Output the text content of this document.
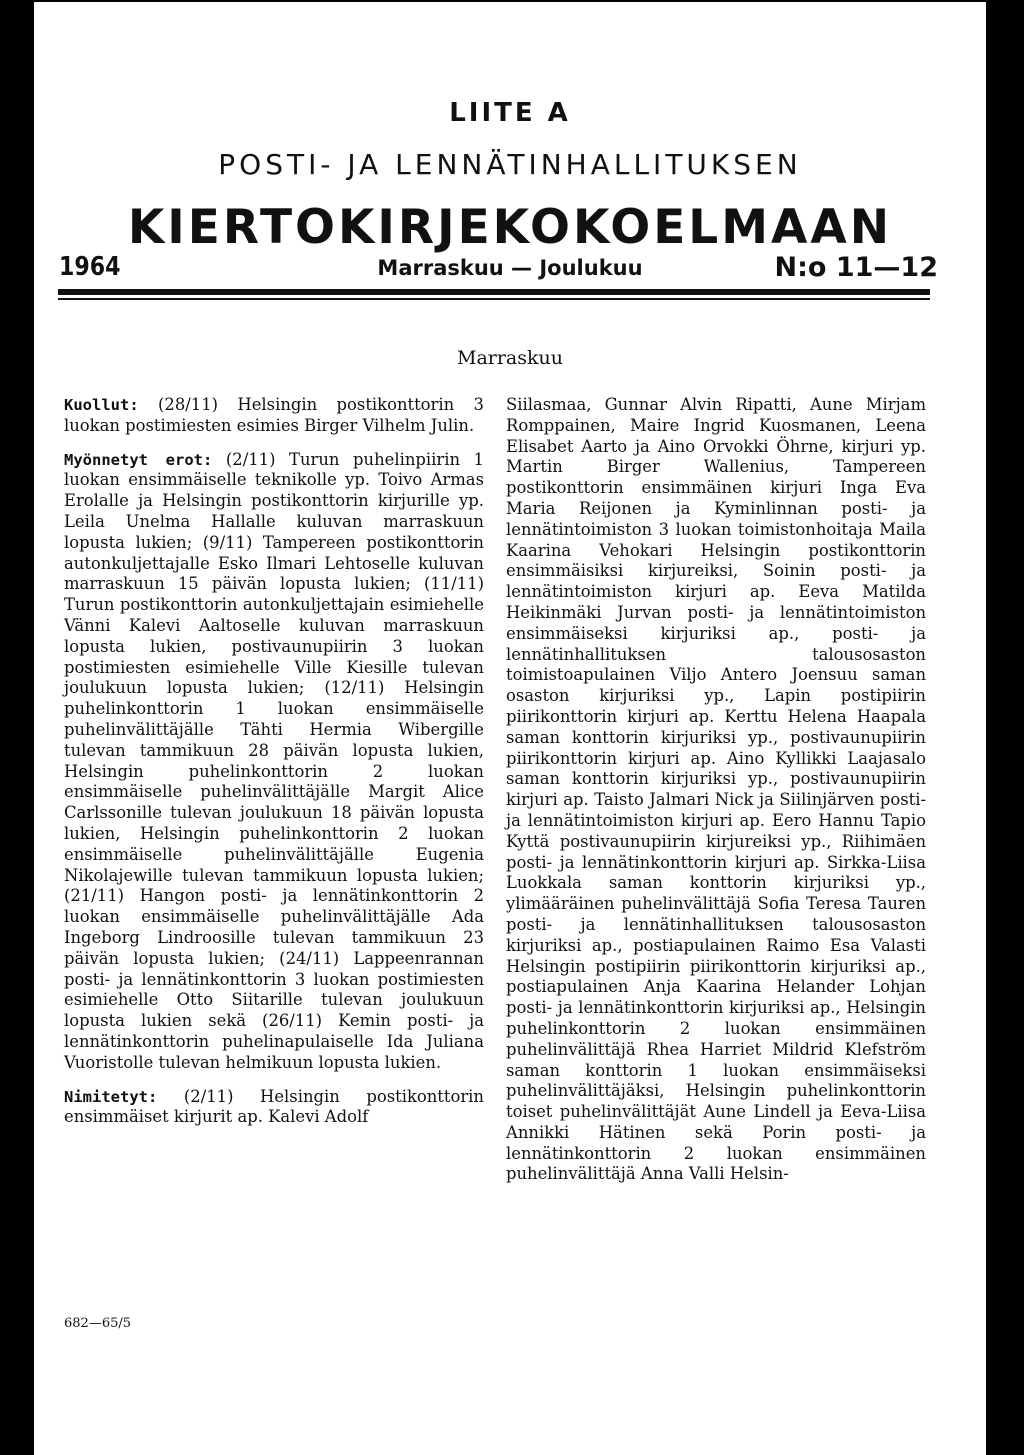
LIITE A
POSTI- JA LENNÄTINHALLITUKSEN
KIERTOKIRJEKOKOELMAAN
1964	Marraskuu — Joulukuu	N:o 11—12
Marraskuu

Kuollut: (28/11) Helsingin postikonttorin 3 luokan postimiesten esimies Birger Vilhelm Julin.

Myönnetyt erot: (2/11) Turun puhelinpiirin 1 luokan ensimmäiselle teknikolle yp. Toivo Armas Erolalle ja Helsingin postikonttorin kirjurille yp. Leila Unelma Hallalle kuluvan marraskuun lopusta lukien; (9/11) Tampereen postikonttorin autonkuljettajalle Esko Ilmari Lehtoselle kuluvan marraskuun 15 päivän lopusta lukien; (11/11) Turun postikonttorin autonkuljettajain esimiehelle Vänni Kalevi Aaltoselle kuluvan marraskuun lopusta lukien, postivaunupiirin 3 luokan postimiesten esimiehelle Ville Kiesille tulevan joulukuun lopusta lukien; (12/11) Helsingin puhelinkonttorin 1 luokan ensimmäiselle puhelinvälittäjälle Tähti Hermia Wibergille tulevan tammikuun 28 päivän lopusta lukien, Helsingin puhelinkonttorin 2 luokan ensimmäiselle puhelinvälittäjälle Margit Alice Carlssonille tulevan joulukuun 18 päivän lopusta lukien, Helsingin puhelinkonttorin 2 luokan ensimmäiselle puhelinvälittäjälle Eugenia Nikolajewille tulevan tammikuun lopusta lukien; (21/11) Hangon posti- ja lennätinkonttorin 2 luokan ensimmäiselle puhelinvälittäjälle Ada Ingeborg Lindroosille tulevan tammikuun 23 päivän lopusta lukien; (24/11) Lappeenrannan posti- ja lennätinkonttorin 3 luokan postimiesten esimiehelle Otto Siitarille tulevan joulukuun lopusta lukien sekä (26/11) Kemin posti- ja lennätinkonttorin puhelinapulaiselle Ida Juliana Vuoristolle tulevan helmikuun lopusta lukien.

Nimitetyt: (2/11) Helsingin postikonttorin ensimmäiset kirjurit ap. Kalevi Adolf

Siilasmaa, Gunnar Alvin Ripatti, Aune Mirjam Romppainen, Maire Ingrid Kuosmanen, Leena Elisabet Aarto ja Aino Orvokki Öhrne, kirjuri yp. Martin Birger Wallenius, Tampereen postikonttorin ensimmäinen kirjuri Inga Eva Maria Reijonen ja Kyminlinnan posti- ja lennätintoimiston 3 luokan toimistonhoitaja Maila Kaarina Vehokari Helsingin postikonttorin ensimmäisiksi kirjureiksi, Soinin posti- ja lennätintoimiston kirjuri ap. Eeva Matilda Heikinmäki Jurvan posti- ja lennätintoimiston ensimmäiseksi kirjuriksi ap., posti- ja lennätinhallituksen talousosaston toimistoapulainen Viljo Antero Joensuu saman osaston kirjuriksi yp., Lapin postipiirin piirikonttorin kirjuri ap. Kerttu Helena Haapala saman konttorin kirjuriksi yp., postivaunupiirin piirikonttorin kirjuri ap. Aino Kyllikki Laajasalo saman konttorin kirjuriksi yp., postivaunupiirin kirjuri ap. Taisto Jalmari Nick ja Siilinjärven posti- ja lennätintoimiston kirjuri ap. Eero Hannu Tapio Kyttä postivaunupiirin kirjureiksi yp., Riihimäen posti- ja lennätinkonttorin kirjuri ap. Sirkka-Liisa Luokkala saman konttorin kirjuriksi yp., ylimääräinen puhelinvälittäjä Sofia Teresa Tauren posti- ja lennätinhallituksen talousosaston kirjuriksi ap., postiapulainen Raimo Esa Valasti Helsingin postipiirin piirikonttorin kirjuriksi ap., postiapulainen Anja Kaarina Helander Lohjan posti- ja lennätinkonttorin kirjuriksi ap., Helsingin puhelinkonttorin 2 luokan ensimmäinen puhelinvälittäjä Rhea Harriet Mildrid Klefström saman konttorin 1 luokan ensimmäiseksi puhelinvälittäjäksi, Helsingin puhelinkonttorin toiset puhelinvälittäjät Aune Lindell ja Eeva-Liisa Annikki Hätinen sekä Porin posti- ja lennätinkonttorin 2 luokan ensimmäinen puhelinvälittäjä Anna Valli Helsin-

682—65/5
